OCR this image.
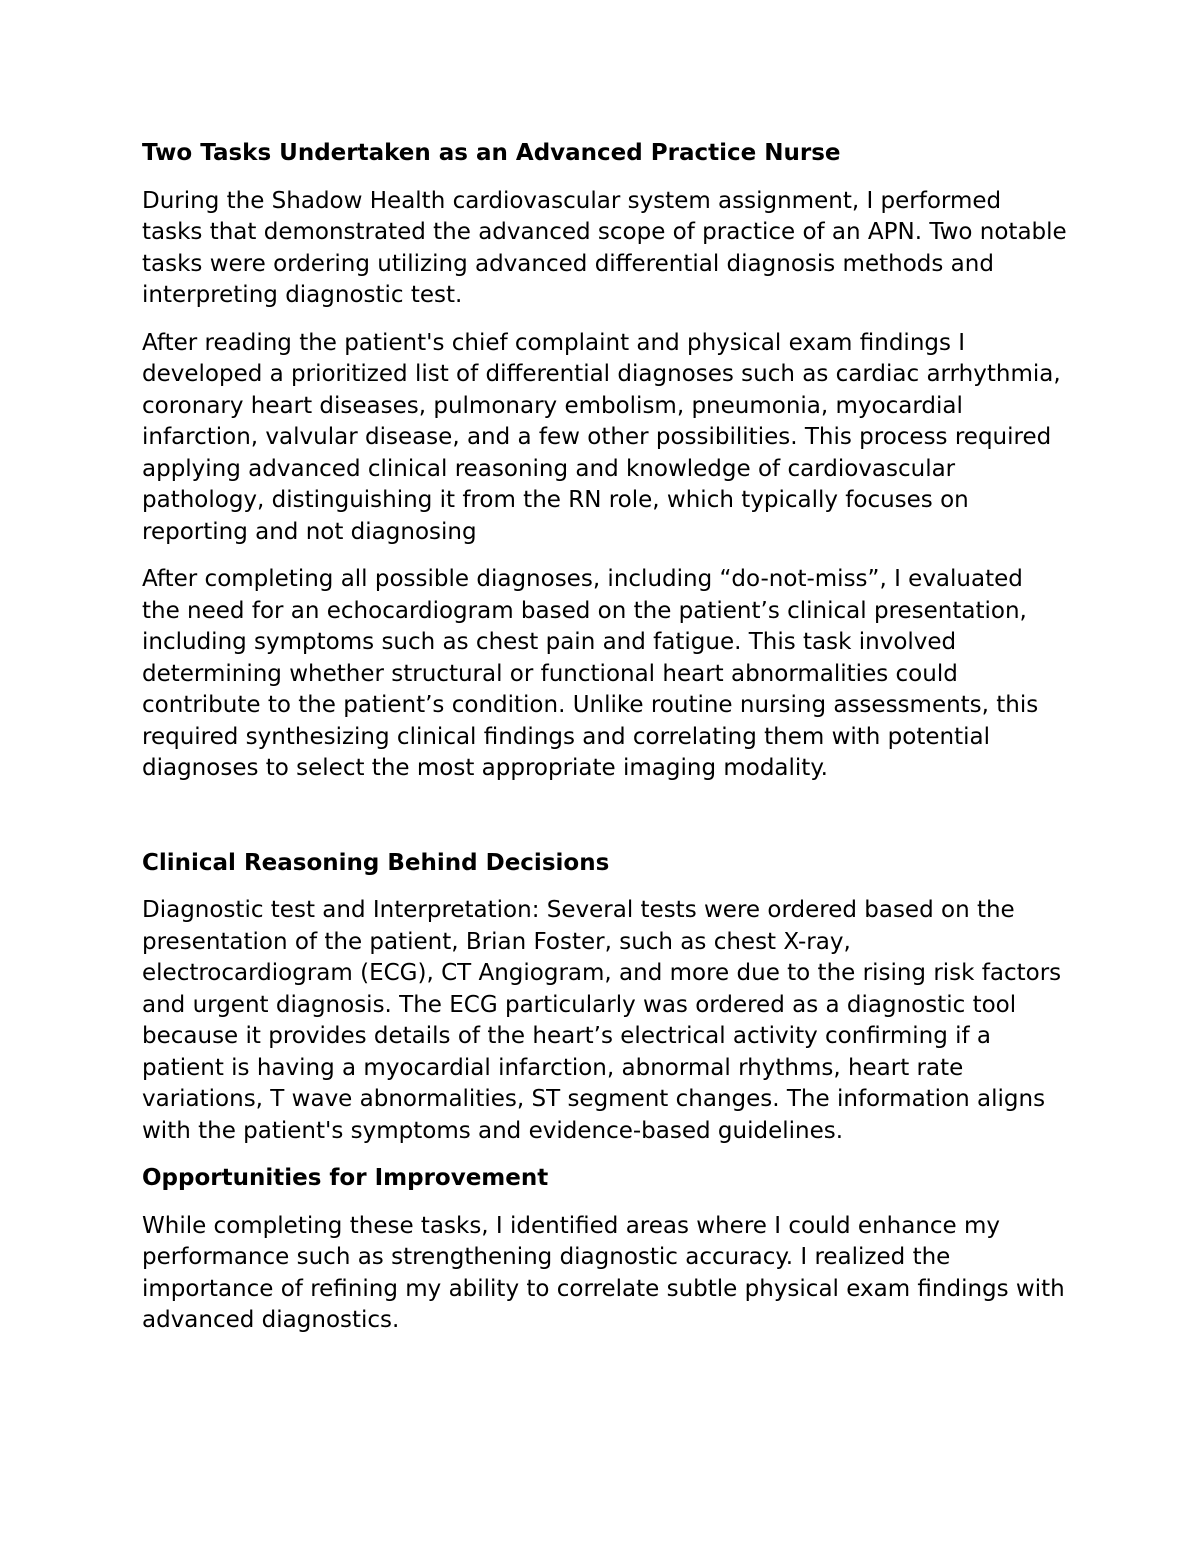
Two Tasks Undertaken as an Advanced Practice Nurse

During the Shadow Health cardiovascular system assignment, I performed tasks that demonstrated the advanced scope of practice of an APN. Two notable tasks were ordering utilizing advanced differential diagnosis methods and interpreting diagnostic test.

After reading the patient's chief complaint and physical exam findings I developed a prioritized list of differential diagnoses such as cardiac arrhythmia, coronary heart diseases, pulmonary embolism, pneumonia, myocardial infarction, valvular disease, and a few other possibilities. This process required applying advanced clinical reasoning and knowledge of cardiovascular pathology, distinguishing it from the RN role, which typically focuses on reporting and not diagnosing

After completing all possible diagnoses, including “do-not-miss”, I evaluated the need for an echocardiogram based on the patient’s clinical presentation, including symptoms such as chest pain and fatigue. This task involved determining whether structural or functional heart abnormalities could contribute to the patient’s condition. Unlike routine nursing assessments, this required synthesizing clinical findings and correlating them with potential diagnoses to select the most appropriate imaging modality.

Clinical Reasoning Behind Decisions

Diagnostic test and Interpretation: Several tests were ordered based on the presentation of the patient, Brian Foster, such as chest X-ray, electrocardiogram (ECG), CT Angiogram, and more due to the rising risk factors and urgent diagnosis. The ECG particularly was ordered as a diagnostic tool because it provides details of the heart’s electrical activity confirming if a patient is having a myocardial infarction, abnormal rhythms, heart rate variations, T wave abnormalities, ST segment changes. The information aligns with the patient's symptoms and evidence-based guidelines.

Opportunities for Improvement

While completing these tasks, I identified areas where I could enhance my performance such as strengthening diagnostic accuracy. I realized the importance of refining my ability to correlate subtle physical exam findings with advanced diagnostics.
